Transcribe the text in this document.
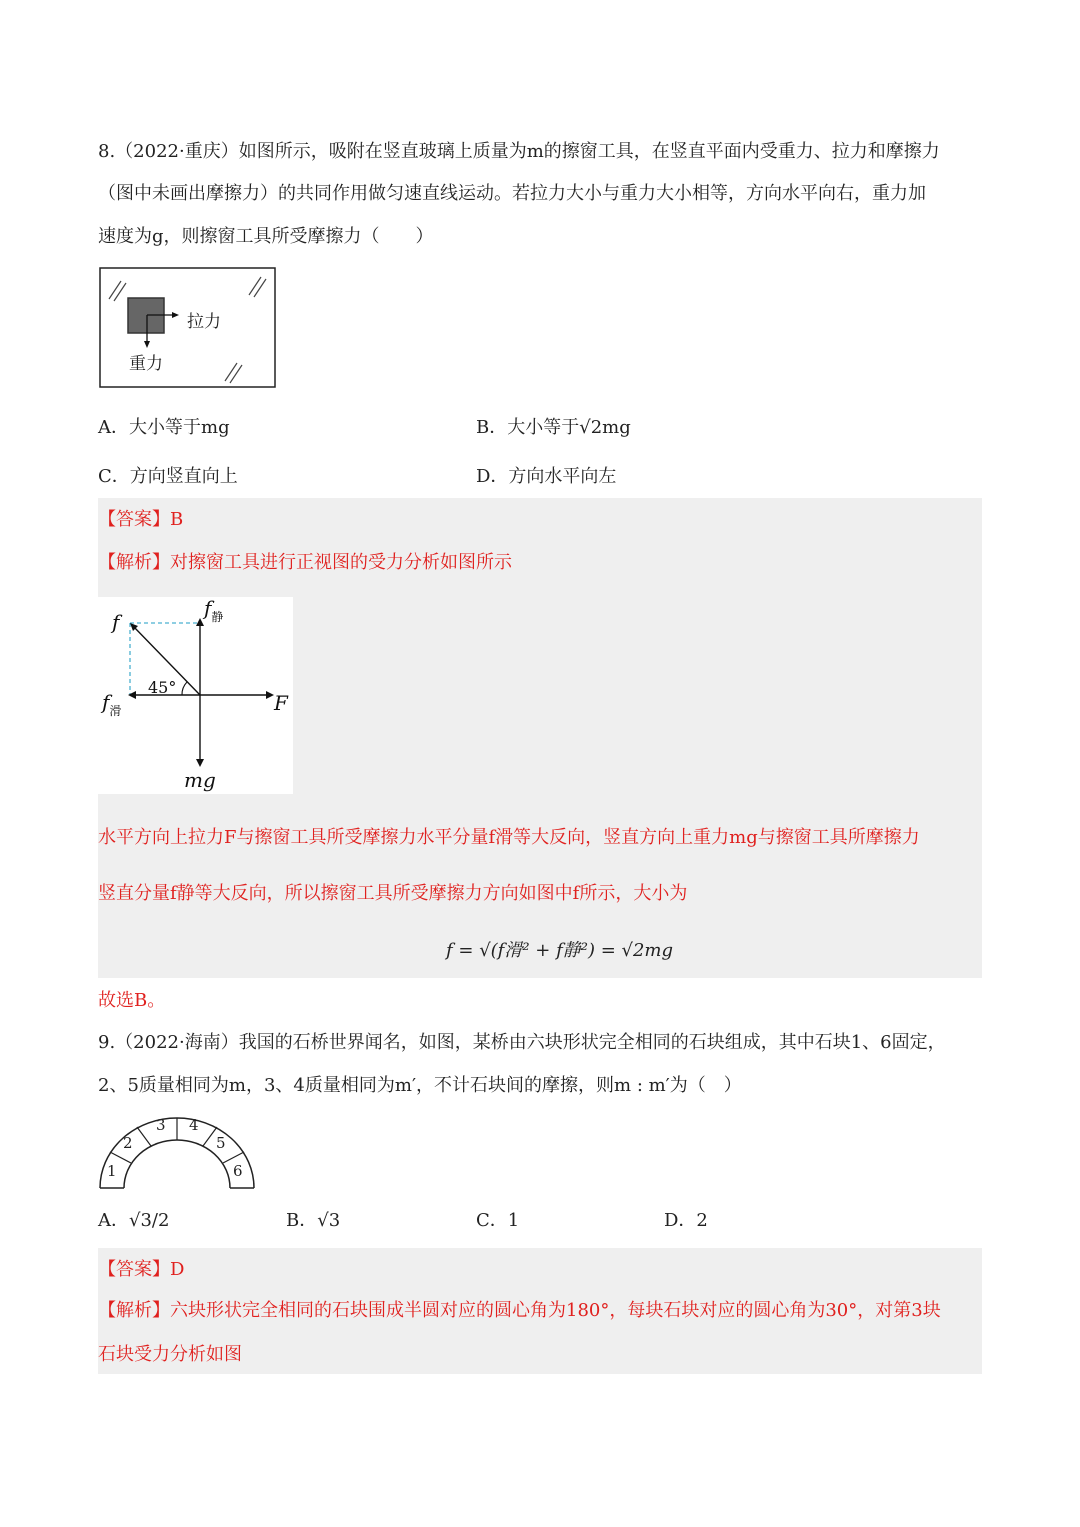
8.（2022·重庆）如图所示，吸附在竖直玻璃上质量为m的擦窗工具，在竖直平面内受重力、拉力和摩擦力
（图中未画出摩擦力）的共同作用做匀速直线运动。若拉力大小与重力大小相等，方向水平向右，重力加
速度为g，则擦窗工具所受摩擦力（　　）
拉力
重力
A．大小等于mg	B．大小等于√2mg
C．方向竖直向上	D．方向水平向左
【答案】B
【解析】对擦窗工具进行正视图的受力分析如图所示
45°
f
$f_静$
$f_滑$	F
mg
水平方向上拉力F与擦窗工具所受摩擦力水平分量f滑等大反向，竖直方向上重力mg与擦窗工具所摩擦力
竖直分量f静等大反向，所以擦窗工具所受摩擦力方向如图中f所示，大小为
f = √(f滑² + f静²) = √2mg
故选B。
9.（2022·海南）我国的石桥世界闻名，如图，某桥由六块形状完全相同的石块组成，其中石块1、6固定，
2、5质量相同为m，3、4质量相同为m′，不计石块间的摩擦，则m : m′为（　）
1
2
3 4
5
6
A．√3/2	B．√3	C．1	D．2
【答案】D
【解析】六块形状完全相同的石块围成半圆对应的圆心角为180°，每块石块对应的圆心角为30°，对第3块
石块受力分析如图
